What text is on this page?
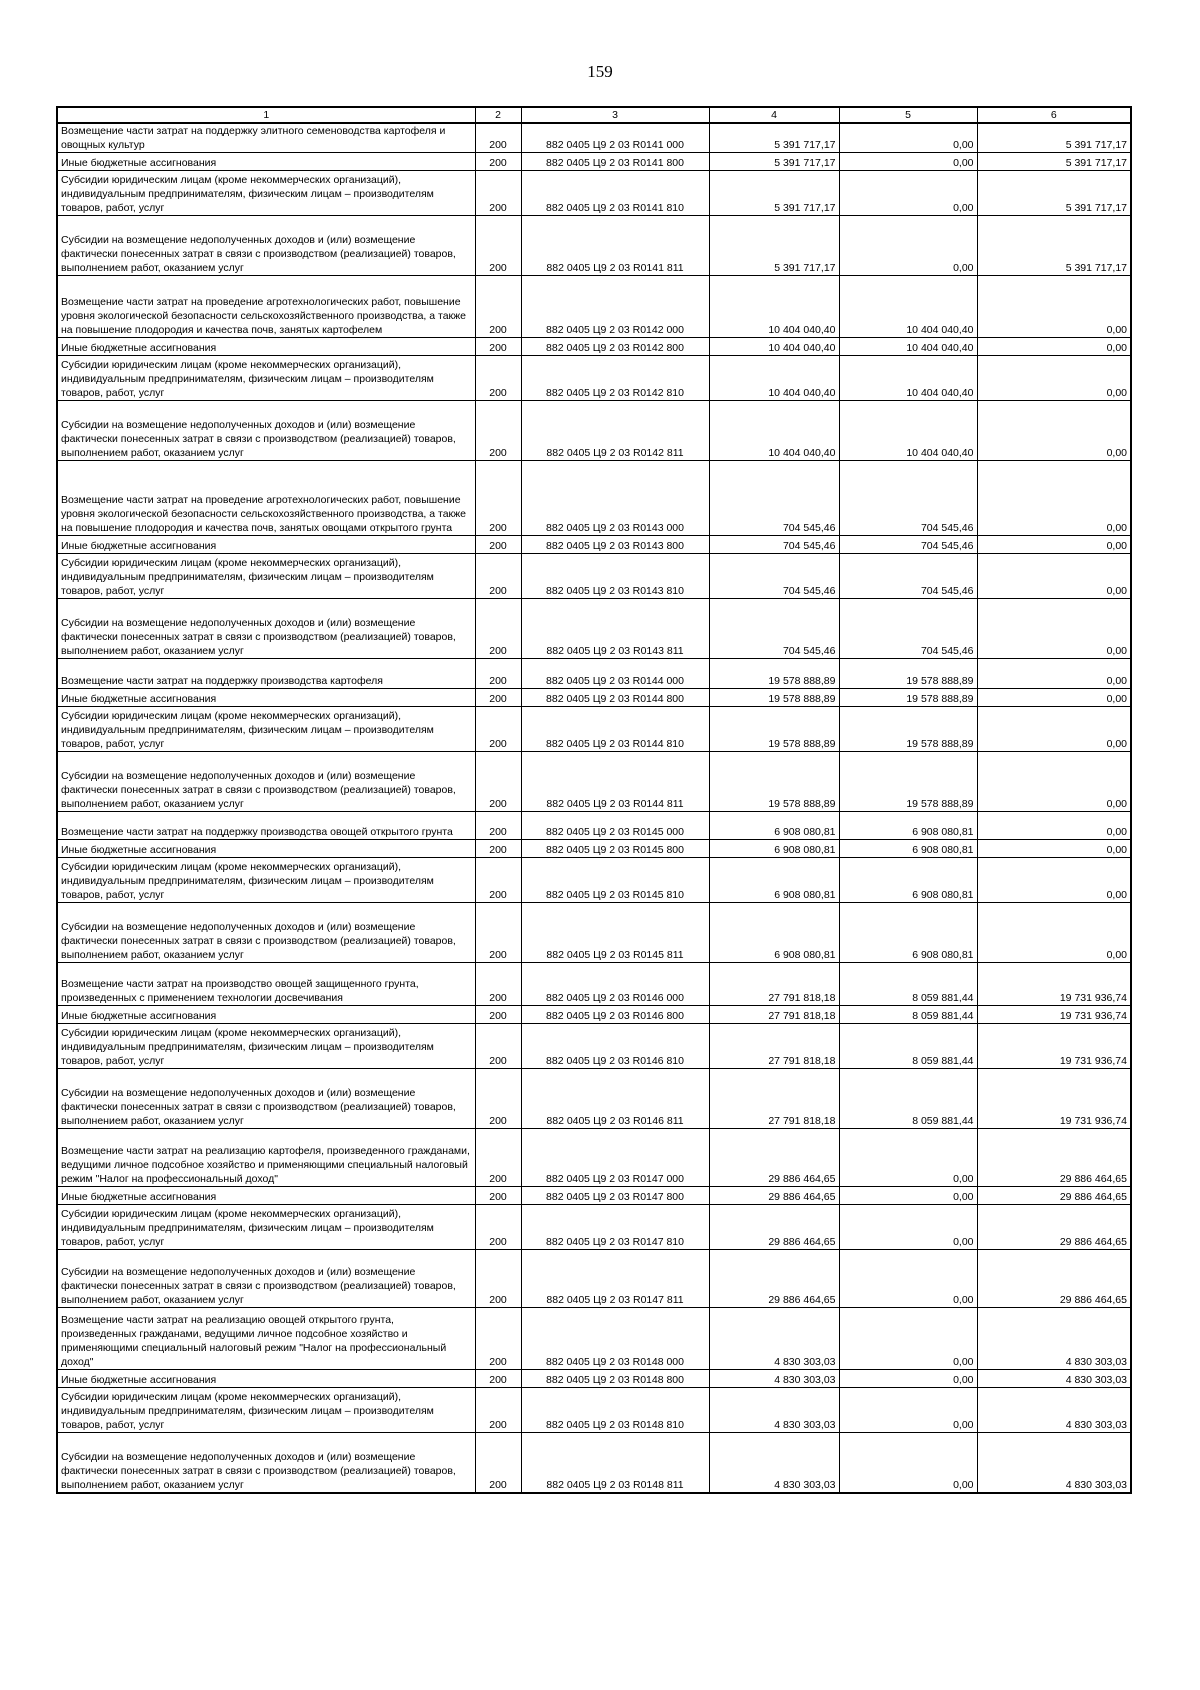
159
1	2	3	4	5	6
Возмещение части затрат на поддержку элитного семеноводства картофеля и овощных культур	200	882 0405 Ц9 2 03 R0141 000	5 391 717,17	0,00	5 391 717,17
Иные бюджетные ассигнования	200	882 0405 Ц9 2 03 R0141 800	5 391 717,17	0,00	5 391 717,17
Субсидии юридическим лицам (кроме некоммерческих организаций), индивидуальным предпринимателям, физическим лицам – производителям товаров, работ, услуг	200	882 0405 Ц9 2 03 R0141 810	5 391 717,17	0,00	5 391 717,17
Субсидии на возмещение недополученных доходов и (или) возмещение фактически понесенных затрат в связи с производством (реализацией) товаров, выполнением работ, оказанием услуг	200	882 0405 Ц9 2 03 R0141 811	5 391 717,17	0,00	5 391 717,17
Возмещение части затрат на проведение агротехнологических работ, повышение уровня экологической безопасности сельскохозяйственного производства, а также на повышение плодородия и качества почв, занятых картофелем	200	882 0405 Ц9 2 03 R0142 000	10 404 040,40	10 404 040,40	0,00
Иные бюджетные ассигнования	200	882 0405 Ц9 2 03 R0142 800	10 404 040,40	10 404 040,40	0,00
Субсидии юридическим лицам (кроме некоммерческих организаций), индивидуальным предпринимателям, физическим лицам – производителям товаров, работ, услуг	200	882 0405 Ц9 2 03 R0142 810	10 404 040,40	10 404 040,40	0,00
Субсидии на возмещение недополученных доходов и (или) возмещение фактически понесенных затрат в связи с производством (реализацией) товаров, выполнением работ, оказанием услуг	200	882 0405 Ц9 2 03 R0142 811	10 404 040,40	10 404 040,40	0,00
Возмещение части затрат на проведение агротехнологических работ, повышение уровня экологической безопасности сельскохозяйственного производства, а также на повышение плодородия и качества почв, занятых овощами открытого грунта	200	882 0405 Ц9 2 03 R0143 000	704 545,46	704 545,46	0,00
Иные бюджетные ассигнования	200	882 0405 Ц9 2 03 R0143 800	704 545,46	704 545,46	0,00
Субсидии юридическим лицам (кроме некоммерческих организаций), индивидуальным предпринимателям, физическим лицам – производителям товаров, работ, услуг	200	882 0405 Ц9 2 03 R0143 810	704 545,46	704 545,46	0,00
Субсидии на возмещение недополученных доходов и (или) возмещение фактически понесенных затрат в связи с производством (реализацией) товаров, выполнением работ, оказанием услуг	200	882 0405 Ц9 2 03 R0143 811	704 545,46	704 545,46	0,00
Возмещение части затрат на поддержку производства картофеля	200	882 0405 Ц9 2 03 R0144 000	19 578 888,89	19 578 888,89	0,00
Иные бюджетные ассигнования	200	882 0405 Ц9 2 03 R0144 800	19 578 888,89	19 578 888,89	0,00
Субсидии юридическим лицам (кроме некоммерческих организаций), индивидуальным предпринимателям, физическим лицам – производителям товаров, работ, услуг	200	882 0405 Ц9 2 03 R0144 810	19 578 888,89	19 578 888,89	0,00
Субсидии на возмещение недополученных доходов и (или) возмещение фактически понесенных затрат в связи с производством (реализацией) товаров, выполнением работ, оказанием услуг	200	882 0405 Ц9 2 03 R0144 811	19 578 888,89	19 578 888,89	0,00
Возмещение части затрат на поддержку производства овощей открытого грунта	200	882 0405 Ц9 2 03 R0145 000	6 908 080,81	6 908 080,81	0,00
Иные бюджетные ассигнования	200	882 0405 Ц9 2 03 R0145 800	6 908 080,81	6 908 080,81	0,00
Субсидии юридическим лицам (кроме некоммерческих организаций), индивидуальным предпринимателям, физическим лицам – производителям товаров, работ, услуг	200	882 0405 Ц9 2 03 R0145 810	6 908 080,81	6 908 080,81	0,00
Субсидии на возмещение недополученных доходов и (или) возмещение фактически понесенных затрат в связи с производством (реализацией) товаров, выполнением работ, оказанием услуг	200	882 0405 Ц9 2 03 R0145 811	6 908 080,81	6 908 080,81	0,00
Возмещение части затрат на производство овощей защищенного грунта, произведенных с применением технологии досвечивания	200	882 0405 Ц9 2 03 R0146 000	27 791 818,18	8 059 881,44	19 731 936,74
Иные бюджетные ассигнования	200	882 0405 Ц9 2 03 R0146 800	27 791 818,18	8 059 881,44	19 731 936,74
Субсидии юридическим лицам (кроме некоммерческих организаций), индивидуальным предпринимателям, физическим лицам – производителям товаров, работ, услуг	200	882 0405 Ц9 2 03 R0146 810	27 791 818,18	8 059 881,44	19 731 936,74
Субсидии на возмещение недополученных доходов и (или) возмещение фактически понесенных затрат в связи с производством (реализацией) товаров, выполнением работ, оказанием услуг	200	882 0405 Ц9 2 03 R0146 811	27 791 818,18	8 059 881,44	19 731 936,74
Возмещение части затрат на реализацию картофеля, произведенного гражданами, ведущими личное подсобное хозяйство и применяющими специальный налоговый режим "Налог на профессиональный доход"	200	882 0405 Ц9 2 03 R0147 000	29 886 464,65	0,00	29 886 464,65
Иные бюджетные ассигнования	200	882 0405 Ц9 2 03 R0147 800	29 886 464,65	0,00	29 886 464,65
Субсидии юридическим лицам (кроме некоммерческих организаций), индивидуальным предпринимателям, физическим лицам – производителям товаров, работ, услуг	200	882 0405 Ц9 2 03 R0147 810	29 886 464,65	0,00	29 886 464,65
Субсидии на возмещение недополученных доходов и (или) возмещение фактически понесенных затрат в связи с производством (реализацией) товаров, выполнением работ, оказанием услуг	200	882 0405 Ц9 2 03 R0147 811	29 886 464,65	0,00	29 886 464,65
Возмещение части затрат на реализацию овощей открытого грунта, произведенных гражданами, ведущими личное подсобное хозяйство и применяющими специальный налоговый режим "Налог на профессиональный доход"	200	882 0405 Ц9 2 03 R0148 000	4 830 303,03	0,00	4 830 303,03
Иные бюджетные ассигнования	200	882 0405 Ц9 2 03 R0148 800	4 830 303,03	0,00	4 830 303,03
Субсидии юридическим лицам (кроме некоммерческих организаций), индивидуальным предпринимателям, физическим лицам – производителям товаров, работ, услуг	200	882 0405 Ц9 2 03 R0148 810	4 830 303,03	0,00	4 830 303,03
Субсидии на возмещение недополученных доходов и (или) возмещение фактически понесенных затрат в связи с производством (реализацией) товаров, выполнением работ, оказанием услуг	200	882 0405 Ц9 2 03 R0148 811	4 830 303,03	0,00	4 830 303,03
